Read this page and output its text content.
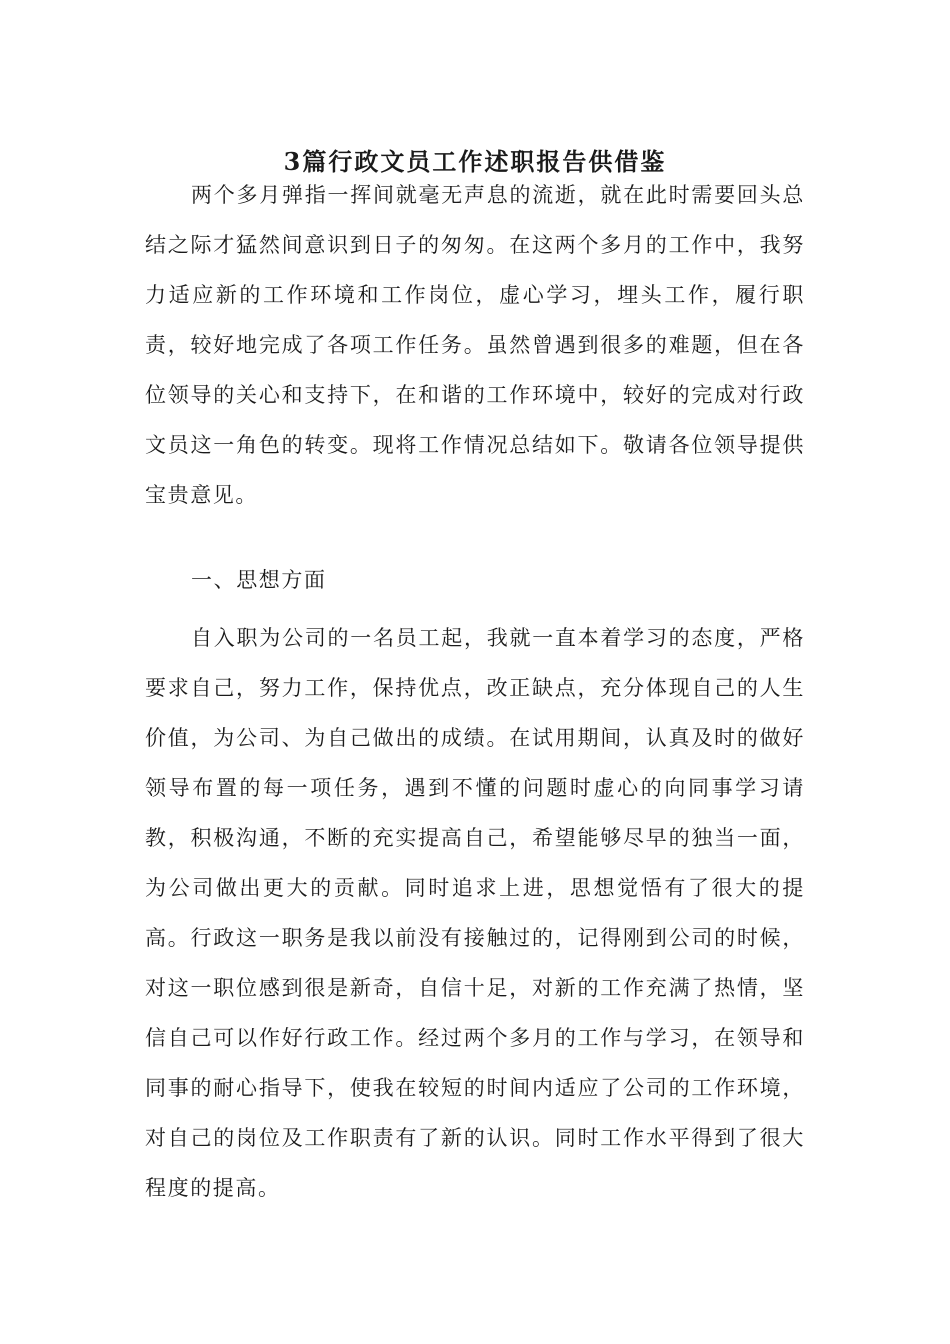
3篇行政文员工作述职报告供借鉴

两个多月弹指一挥间就毫无声息的流逝，就在此时需要回头总结之际才猛然间意识到日子的匆匆。在这两个多月的工作中，我努力适应新的工作环境和工作岗位，虚心学习，埋头工作，履行职责，较好地完成了各项工作任务。虽然曾遇到很多的难题，但在各位领导的关心和支持下，在和谐的工作环境中，较好的完成对行政文员这一角色的转变。现将工作情况总结如下。敬请各位领导提供宝贵意见。

一、思想方面

自入职为公司的一名员工起，我就一直本着学习的态度，严格要求自己，努力工作，保持优点，改正缺点，充分体现自己的人生价值，为公司、为自己做出的成绩。在试用期间，认真及时的做好领导布置的每一项任务，遇到不懂的问题时虚心的向同事学习请教，积极沟通，不断的充实提高自己，希望能够尽早的独当一面，为公司做出更大的贡献。同时追求上进，思想觉悟有了很大的提高。行政这一职务是我以前没有接触过的，记得刚到公司的时候，对这一职位感到很是新奇，自信十足，对新的工作充满了热情，坚信自己可以作好行政工作。经过两个多月的工作与学习，在领导和同事的耐心指导下，使我在较短的时间内适应了公司的工作环境，对自己的岗位及工作职责有了新的认识。同时工作水平得到了很大程度的提高。
